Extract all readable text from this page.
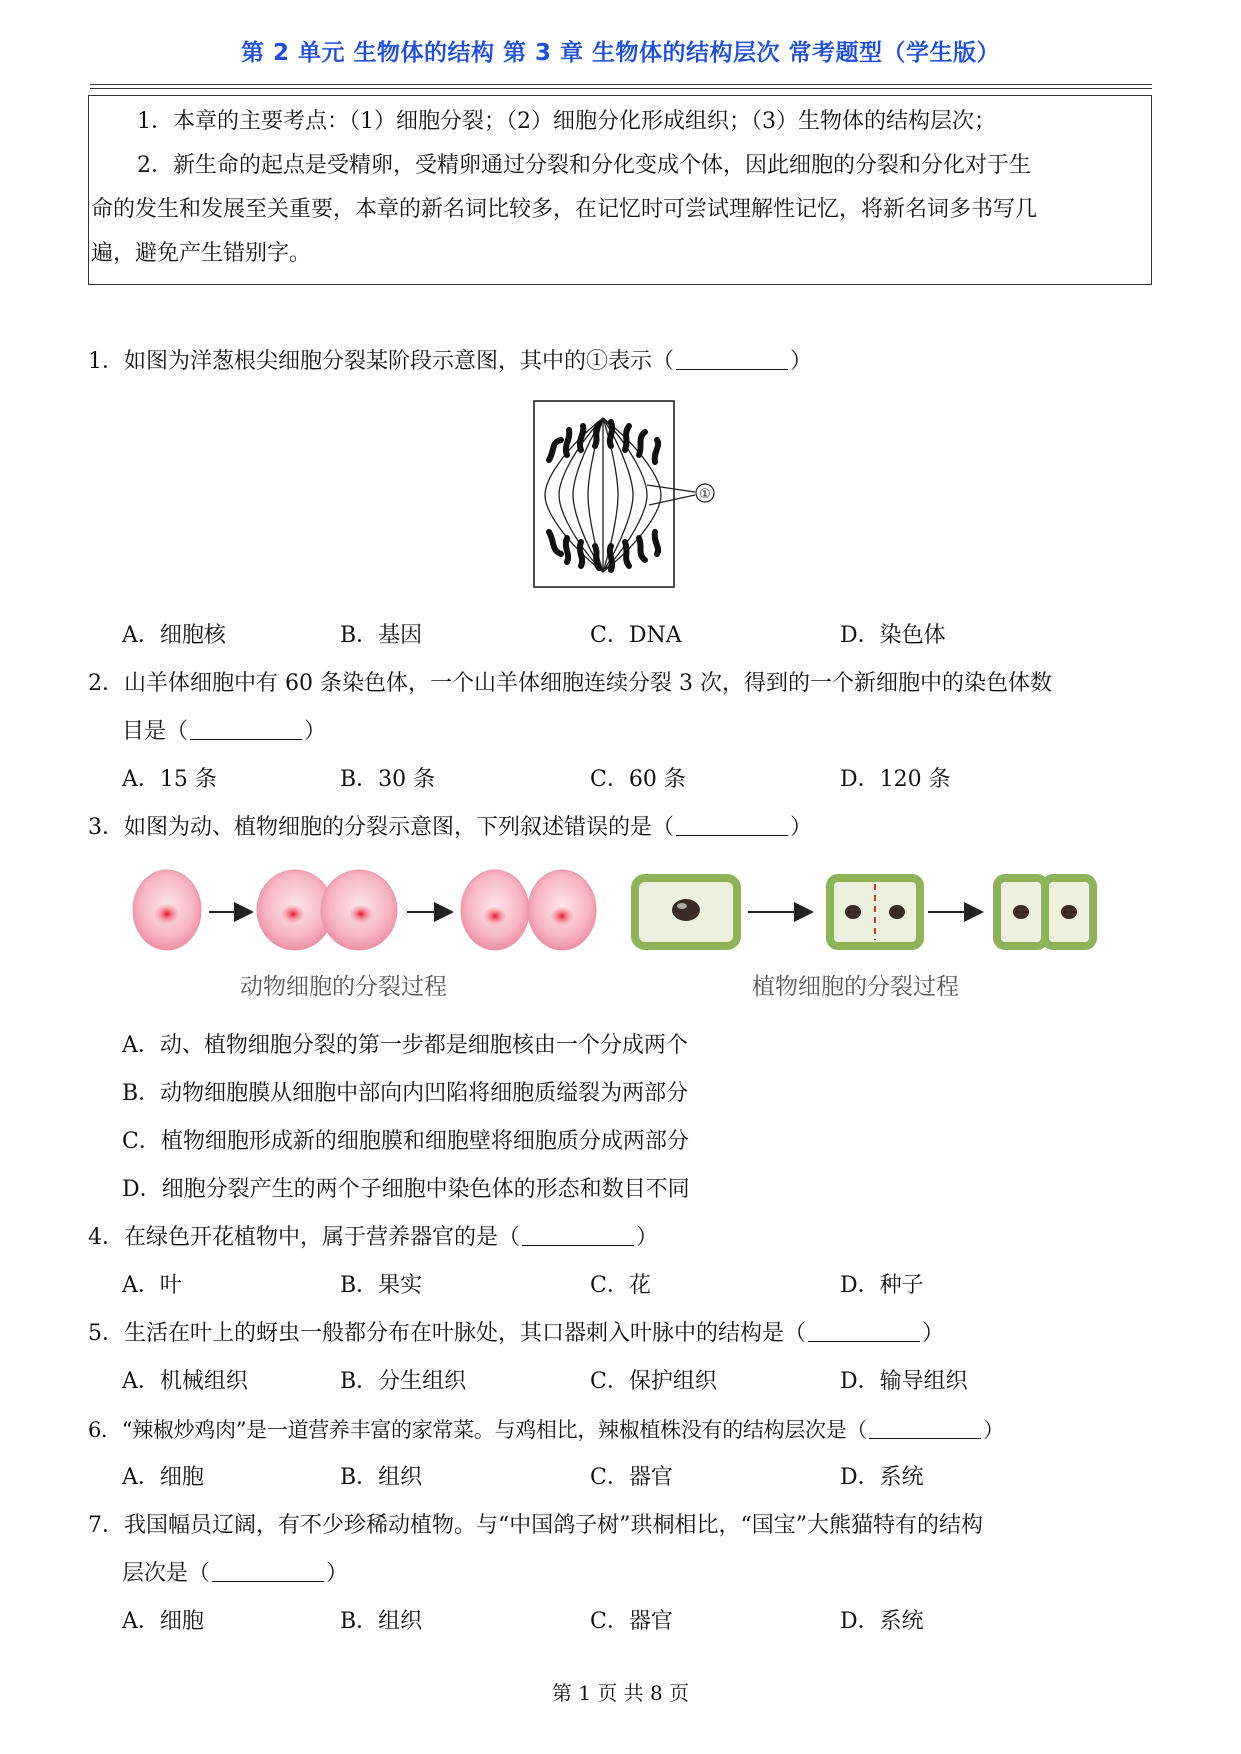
第 2 单元 生物体的结构 第 3 章 生物体的结构层次 常考题型（学生版）
1．本章的主要考点：（1）细胞分裂；（2）细胞分化形成组织；（3）生物体的结构层次；
2．新生命的起点是受精卵，受精卵通过分裂和分化变成个体，因此细胞的分裂和分化对于生
命的发生和发展至关重要，本章的新名词比较多，在记忆时可尝试理解性记忆，将新名词多书写几
遍，避免产生错别字。
1．如图为洋葱根尖细胞分裂某阶段示意图，其中的①表示（	）
①
A．细胞核	B．基因	C．DNA	D．染色体
2．山羊体细胞中有 60 条染色体，一个山羊体细胞连续分裂 3 次，得到的一个新细胞中的染色体数
目是（	）
A．15 条	B．30 条	C．60 条	D．120 条
3．如图为动、植物细胞的分裂示意图，下列叙述错误的是（	）
动物细胞的分裂过程	植物细胞的分裂过程
A．动、植物细胞分裂的第一步都是细胞核由一个分成两个
B．动物细胞膜从细胞中部向内凹陷将细胞质缢裂为两部分
C．植物细胞形成新的细胞膜和细胞壁将细胞质分成两部分
D．细胞分裂产生的两个子细胞中染色体的形态和数目不同
4．在绿色开花植物中，属于营养器官的是（	）
A．叶	B．果实	C．花	D．种子
5．生活在叶上的蚜虫一般都分布在叶脉处，其口器刺入叶脉中的结构是（	）
A．机械组织	B．分生组织	C．保护组织	D．输导组织
6．“辣椒炒鸡肉”是一道营养丰富的家常菜。与鸡相比，辣椒植株没有的结构层次是（	）
A．细胞	B．组织	C．器官	D．系统
7．我国幅员辽阔，有不少珍稀动植物。与“中国鸽子树”珙桐相比，“国宝”大熊猫特有的结构
层次是（	）
A．细胞	B．组织	C．器官	D．系统
第 1 页 共 8 页
